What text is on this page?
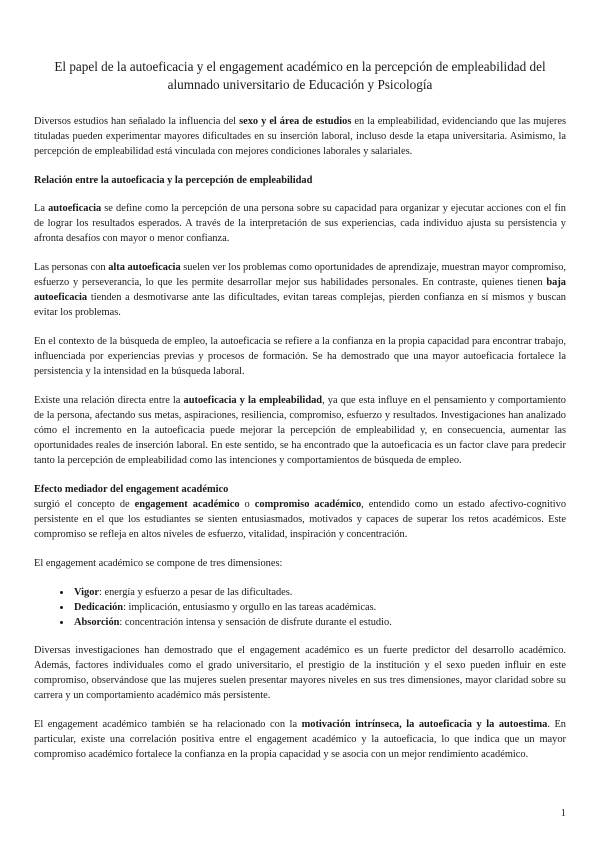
El papel de la autoeficacia y el engagement académico en la percepción de empleabilidad del alumnado universitario de Educación y Psicología

Diversos estudios han señalado la influencia del sexo y el área de estudios en la empleabilidad, evidenciando que las mujeres tituladas pueden experimentar mayores dificultades en su inserción laboral, incluso desde la etapa universitaria. Asimismo, la percepción de empleabilidad está vinculada con mejores condiciones laborales y salariales.

Relación entre la autoeficacia y la percepción de empleabilidad

La autoeficacia se define como la percepción de una persona sobre su capacidad para organizar y ejecutar acciones con el fin de lograr los resultados esperados. A través de la interpretación de sus experiencias, cada individuo ajusta su persistencia y afronta desafíos con mayor o menor confianza.

Las personas con alta autoeficacia suelen ver los problemas como oportunidades de aprendizaje, muestran mayor compromiso, esfuerzo y perseverancia, lo que les permite desarrollar mejor sus habilidades personales. En contraste, quienes tienen baja autoeficacia tienden a desmotivarse ante las dificultades, evitan tareas complejas, pierden confianza en sí mismos y buscan evitar los problemas.

En el contexto de la búsqueda de empleo, la autoeficacia se refiere a la confianza en la propia capacidad para encontrar trabajo, influenciada por experiencias previas y procesos de formación. Se ha demostrado que una mayor autoeficacia fortalece la persistencia y la intensidad en la búsqueda laboral.

Existe una relación directa entre la autoeficacia y la empleabilidad, ya que esta influye en el pensamiento y comportamiento de la persona, afectando sus metas, aspiraciones, resiliencia, compromiso, esfuerzo y resultados. Investigaciones han analizado cómo el incremento en la autoeficacia puede mejorar la percepción de empleabilidad y, en consecuencia, aumentar las oportunidades reales de inserción laboral. En este sentido, se ha encontrado que la autoeficacia es un factor clave para predecir tanto la percepción de empleabilidad como las intenciones y comportamientos de búsqueda de empleo.

Efecto mediador del engagement académico

surgió el concepto de engagement académico o compromiso académico, entendido como un estado afectivo-cognitivo persistente en el que los estudiantes se sienten entusiasmados, motivados y capaces de superar los retos académicos. Este compromiso se refleja en altos niveles de esfuerzo, vitalidad, inspiración y concentración.

El engagement académico se compone de tres dimensiones:

• Vigor: energía y esfuerzo a pesar de las dificultades.
• Dedicación: implicación, entusiasmo y orgullo en las tareas académicas.
• Absorción: concentración intensa y sensación de disfrute durante el estudio.

Diversas investigaciones han demostrado que el engagement académico es un fuerte predictor del desarrollo académico. Además, factores individuales como el grado universitario, el prestigio de la institución y el sexo pueden influir en este compromiso, observándose que las mujeres suelen presentar mayores niveles en sus tres dimensiones, mayor claridad sobre su carrera y un comportamiento académico más persistente.

El engagement académico también se ha relacionado con la motivación intrínseca, la autoeficacia y la autoestima. En particular, existe una correlación positiva entre el engagement académico y la autoeficacia, lo que indica que un mayor compromiso académico fortalece la confianza en la propia capacidad y se asocia con un mejor rendimiento académico.

1
